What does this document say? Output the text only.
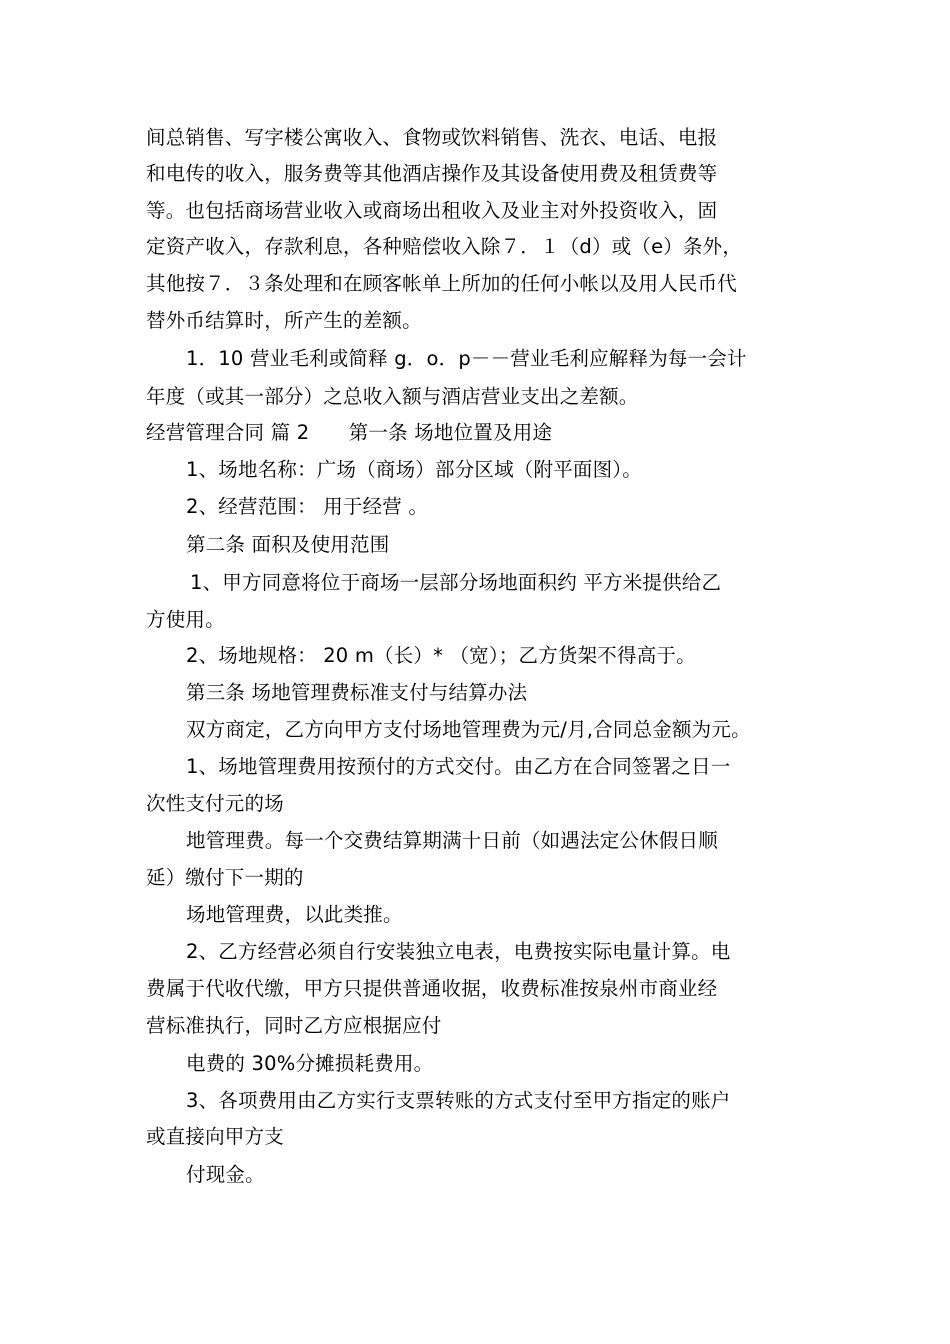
间总销售、写字楼公寓收入、食物或饮料销售、洗衣、电话、电报
和电传的收入，服务费等其他酒店操作及其设备使用费及租赁费等
等。也包括商场营业收入或商场出租收入及业主对外投资收入，固
定资产收入，存款利息，各种赔偿收入除７．１（d）或（e）条外，
其他按７．３条处理和在顾客帐单上所加的任何小帐以及用人民币代
替外币结算时，所产生的差额。
1．10 营业毛利或简释 g．o．p－－营业毛利应解释为每一会计
年度（或其一部分）之总收入额与酒店营业支出之差额。
经营管理合同 篇 2　　第一条 场地位置及用途
1、场地名称：广场（商场）部分区域（附平面图）。
2、经营范围： 用于经营 。
第二条 面积及使用范围
1、甲方同意将位于商场一层部分场地面积约 平方米提供给乙
方使用。
2、场地规格： 20 m（长）* （宽）；乙方货架不得高于。
第三条 场地管理费标准支付与结算办法
双方商定，乙方向甲方支付场地管理费为元/月,合同总金额为元。
1、场地管理费用按预付的方式交付。由乙方在合同签署之日一
次性支付元的场
地管理费。每一个交费结算期满十日前（如遇法定公休假日顺
延）缴付下一期的
场地管理费，以此类推。
2、乙方经营必须自行安装独立电表，电费按实际电量计算。电
费属于代收代缴，甲方只提供普通收据，收费标准按泉州市商业经
营标准执行，同时乙方应根据应付
电费的 30%分摊损耗费用。
3、各项费用由乙方实行支票转账的方式支付至甲方指定的账户
或直接向甲方支
付现金。
